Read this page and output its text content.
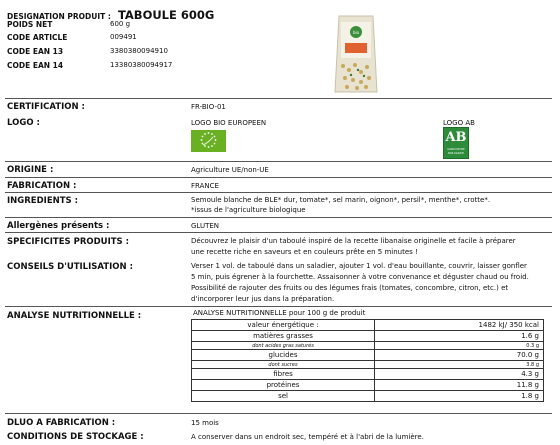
DESIGNATION PRODUIT : TABOULE 600G
POIDS NET	600 g
CODE ARTICLE	009491
CODE EAN 13	3380380094910
CODE EAN 14	13380380094917
bio
CERTIFICATION :	FR-BIO-01
LOGO :	LOGO BIO EUROPEEN	LOGO AB
AB
AGRICULTURE BIOLOGIQUE
ORIGINE :	Agriculture UE/non-UE
FABRICATION :	FRANCE
INGREDIENTS :	Semoule blanche de BLE* dur, tomate*, sel marin, oignon*, persil*, menthe*, crotte*.
*issus de l'agriculture biologique
Allergènes présents :	GLUTEN
SPECIFICITES PRODUITS :	Découvrez le plaisir d'un taboulé inspiré de la recette libanaise originelle et facile à préparer
une recette riche en saveurs et en couleurs prête en 5 minutes !
CONSEILS D'UTILISATION :	Verser 1 vol. de taboulé dans un saladier, ajouter 1 vol. d'eau bouillante, couvrir, laisser gonfler
5 min, puis égrener à la fourchette. Assaisonner à votre convenance et déguster chaud ou froid.
Possibilité de rajouter des fruits ou des légumes frais (tomates, concombre, citron, etc.) et
d'incorporer leur jus dans la préparation.
ANALYSE NUTRITIONNELLE :	ANALYSE NUTRITIONNELLE pour 100 g de produit
valeur énergétique :	1482 kJ/ 350 kcal
matières grasses	1.6 g
dont acides gras saturés	0.3 g
glucides	70.0 g
dont sucres	3.8 g
fibres	4.3 g
protéines	11.8 g
sel	1.8 g
DLUO A FABRICATION :	15 mois
CONDITIONS DE STOCKAGE :	A conserver dans un endroit sec, tempéré et à l'abri de la lumière.
